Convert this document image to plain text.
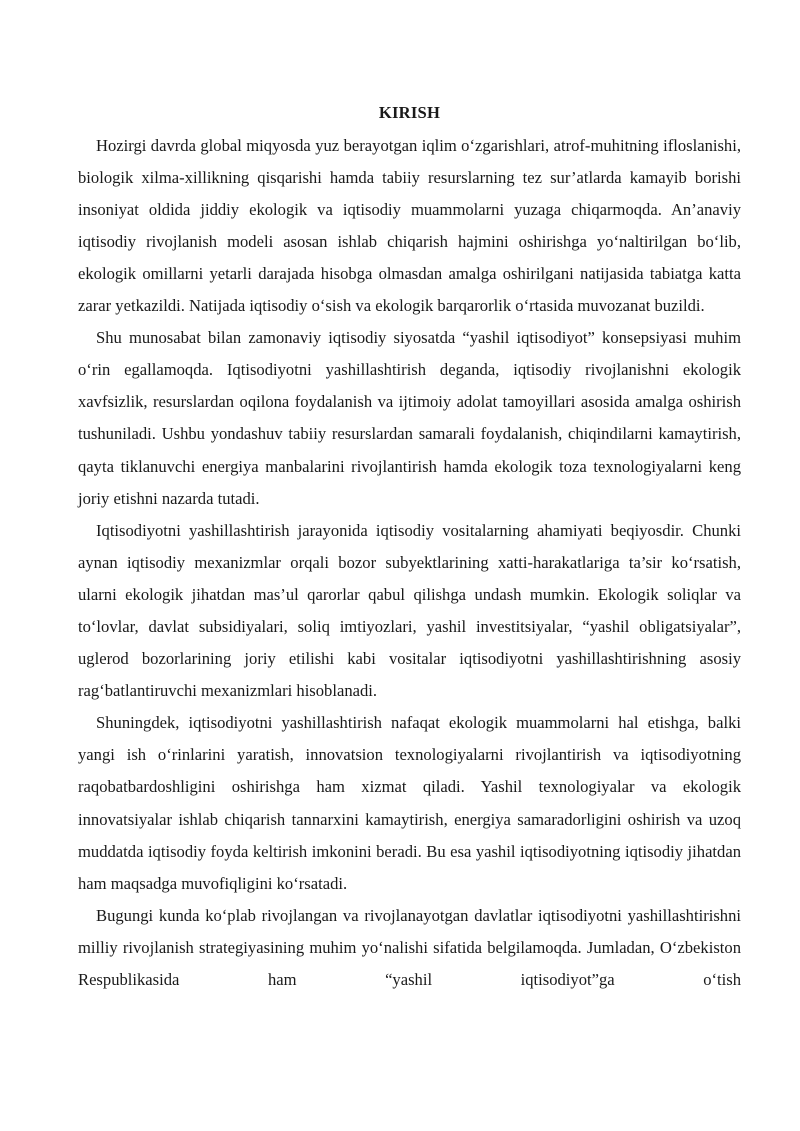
KIRISH

Hozirgi davrda global miqyosda yuz berayotgan iqlim o‘zgarishlari, atrof-muhitning ifloslanishi, biologik xilma-xillikning qisqarishi hamda tabiiy resurslarning tez sur’atlarda kamayib borishi insoniyat oldida jiddiy ekologik va iqtisodiy muammolarni yuzaga chiqarmoqda. An’anaviy iqtisodiy rivojlanish modeli asosan ishlab chiqarish hajmini oshirishga yo‘naltirilgan bo‘lib, ekologik omillarni yetarli darajada hisobga olmasdan amalga oshirilgani natijasida tabiatga katta zarar yetkazildi. Natijada iqtisodiy o‘sish va ekologik barqarorlik o‘rtasida muvozanat buzildi.

Shu munosabat bilan zamonaviy iqtisodiy siyosatda “yashil iqtisodiyot” konsepsiyasi muhim o‘rin egallamoqda. Iqtisodiyotni yashillashtirish deganda, iqtisodiy rivojlanishni ekologik xavfsizlik, resurslardan oqilona foydalanish va ijtimoiy adolat tamoyillari asosida amalga oshirish tushuniladi. Ushbu yondashuv tabiiy resurslardan samarali foydalanish, chiqindilarni kamaytirish, qayta tiklanuvchi energiya manbalarini rivojlantirish hamda ekologik toza texnologiyalarni keng joriy etishni nazarda tutadi.

Iqtisodiyotni yashillashtirish jarayonida iqtisodiy vositalarning ahamiyati beqiyosdir. Chunki aynan iqtisodiy mexanizmlar orqali bozor subyektlarining xatti-harakatlariga ta’sir ko‘rsatish, ularni ekologik jihatdan mas’ul qarorlar qabul qilishga undash mumkin. Ekologik soliqlar va to‘lovlar, davlat subsidiyalari, soliq imtiyozlari, yashil investitsiyalar, “yashil obligatsiyalar”, uglerod bozorlarining joriy etilishi kabi vositalar iqtisodiyotni yashillashtirishning asosiy rag‘batlantiruvchi mexanizmlari hisoblanadi.

Shuningdek, iqtisodiyotni yashillashtirish nafaqat ekologik muammolarni hal etishga, balki yangi ish o‘rinlarini yaratish, innovatsion texnologiyalarni rivojlantirish va iqtisodiyotning raqobatbardoshligini oshirishga ham xizmat qiladi. Yashil texnologiyalar va ekologik innovatsiyalar ishlab chiqarish tannarxini kamaytirish, energiya samaradorligini oshirish va uzoq muddatda iqtisodiy foyda keltirish imkonini beradi. Bu esa yashil iqtisodiyotning iqtisodiy jihatdan ham maqsadga muvofiqligini ko‘rsatadi.

Bugungi kunda ko‘plab rivojlangan va rivojlanayotgan davlatlar iqtisodiyotni yashillashtirishni milliy rivojlanish strategiyasining muhim yo‘nalishi sifatida belgilamoqda. Jumladan, O‘zbekiston Respublikasida ham “yashil iqtisodiyot”ga o‘tish
